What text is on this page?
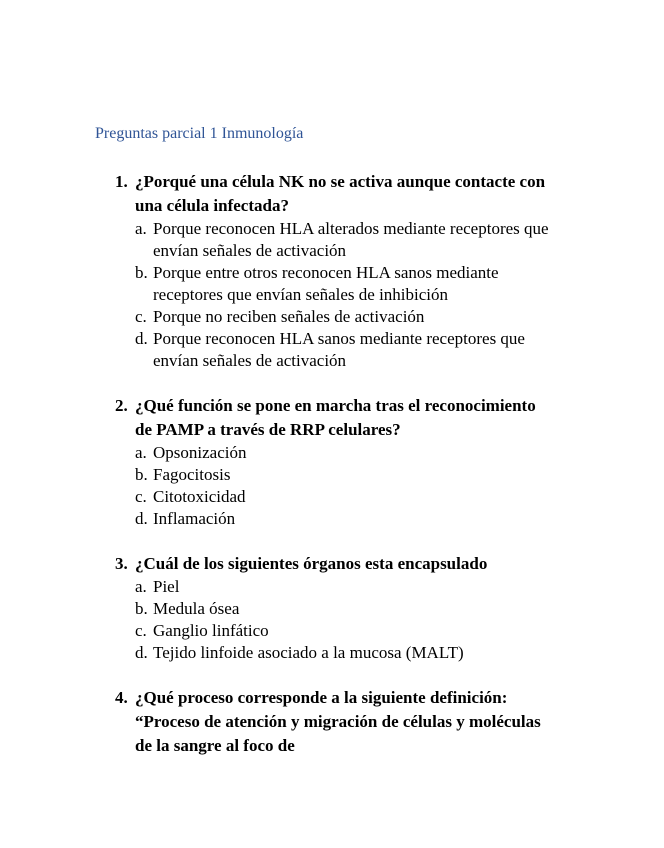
Preguntas parcial 1 Inmunología
1. ¿Porqué una célula NK no se activa aunque contacte con una célula infectada?
a. Porque reconocen HLA alterados mediante receptores que envían señales de activación
b. Porque entre otros reconocen HLA sanos mediante receptores que envían señales de inhibición
c. Porque no reciben señales de activación
d. Porque reconocen HLA sanos mediante receptores que envían señales de activación
2. ¿Qué función se pone en marcha tras el reconocimiento de PAMP a través de RRP celulares?
a. Opsonización
b. Fagocitosis
c. Citotoxicidad
d. Inflamación
3. ¿Cuál de los siguientes órganos esta encapsulado
a. Piel
b. Medula ósea
c. Ganglio linfático
d. Tejido linfoide asociado a la mucosa (MALT)
4. ¿Qué proceso corresponde a la siguiente definición: “Proceso de atención y migración de células y moléculas de la sangre al foco de
